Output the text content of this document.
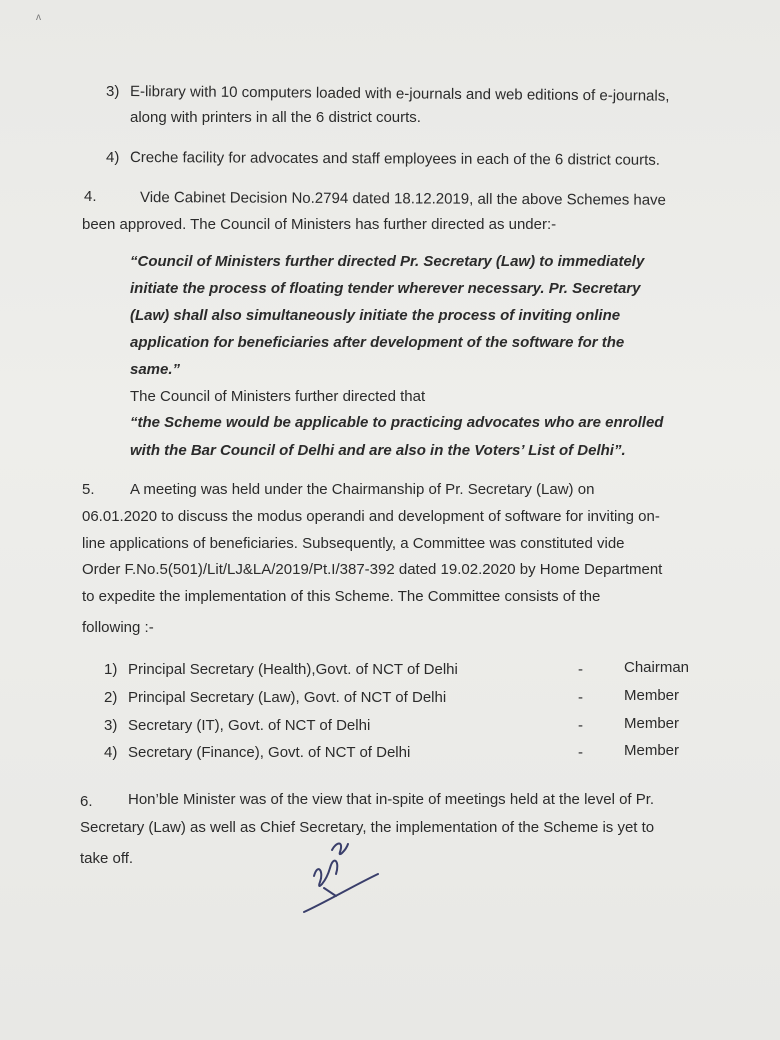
ʌ
3) E-library with 10 computers loaded with e-journals and web editions of e-journals,
along with printers in all the 6 district courts.
4) Creche facility for advocates and staff employees in each of the 6 district courts.
4.	Vide Cabinet Decision No.2794 dated 18.12.2019, all the above Schemes have
been approved. The Council of Ministers has further directed as under:-
“Council of Ministers further directed Pr. Secretary (Law) to immediately
initiate the process of floating tender wherever necessary. Pr. Secretary
(Law) shall also simultaneously initiate the process of inviting online
application for beneficiaries after development of the software for the
same.”
The Council of Ministers further directed that
“the Scheme would be applicable to practicing advocates who are enrolled
with the Bar Council of Delhi and are also in the Voters’ List of Delhi”.
5. A meeting was held under the Chairmanship of Pr. Secretary (Law) on
06.01.2020 to discuss the modus operandi and development of software for inviting on-
line applications of beneficiaries. Subsequently, a Committee was constituted vide
Order F.No.5(501)/Lit/LJ&LA/2019/Pt.I/387-392 dated 19.02.2020 by Home Department
to expedite the implementation of this Scheme. The Committee consists of the
following :-
1) Principal Secretary (Health),Govt. of NCT of Delhi	-	Chairman
2) Principal Secretary (Law), Govt. of NCT of Delhi	-	Member
3) Secretary (IT), Govt. of NCT of Delhi	-	Member
4) Secretary (Finance), Govt. of NCT of Delhi	-	Member
6. Hon’ble Minister was of the view that in-spite of meetings held at the level of Pr.
Secretary (Law) as well as Chief Secretary, the implementation of the Scheme is yet to
take off.
